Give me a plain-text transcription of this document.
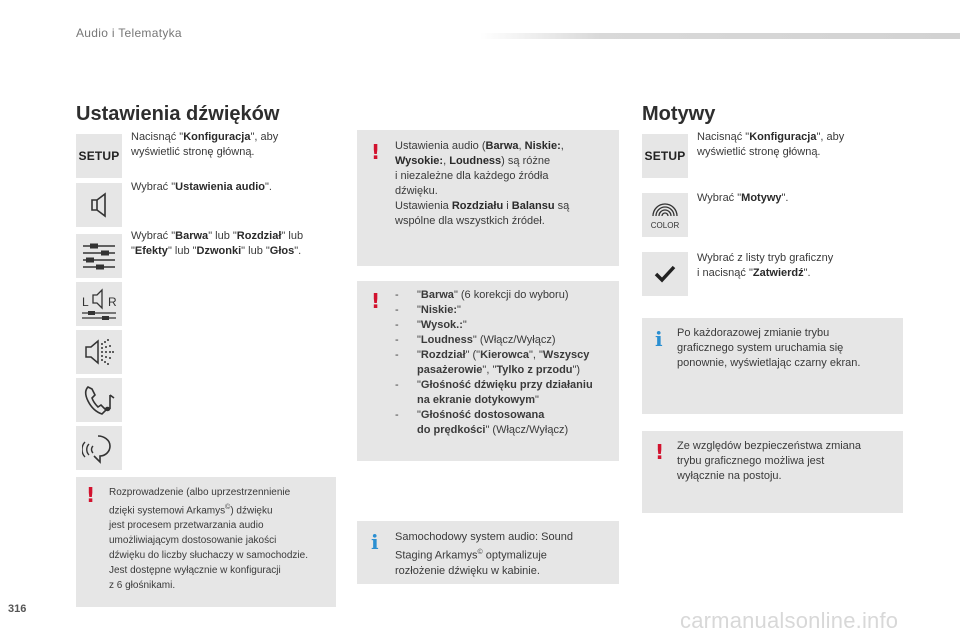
Audio i Telematyka
Ustawienia dźwięków
SETUP
Nacisnąć "Konfiguracja", aby
wyświetlić stronę główną.
Wybrać "Ustawienia audio".
Wybrać "Barwa" lub "Rozdział" lub
"Efekty" lub "Dzwonki" lub "Głos".
L R
! Rozprowadzenie (albo uprzestrzennienie
dzięki systemowi Arkamys©) dźwięku
jest procesem przetwarzania audio
umożliwiającym dostosowanie jakości
dźwięku do liczby słuchaczy w samochodzie.
Jest dostępne wyłącznie w konfiguracji
z 6 głośnikami.
! Ustawienia audio (Barwa, Niskie:,
Wysokie:, Loudness) są różne
i niezależne dla każdego źródła
dźwięku.
Ustawienia Rozdziału i Balansu są
wspólne dla wszystkich źródeł.
! -	"Barwa" (6 korekcji do wyboru)
-	"Niskie:"
-	"Wysok.:"
-	"Loudness" (Włącz/Wyłącz)
-	"Rozdział" ("Kierowca", "Wszyscy
pasażerowie", "Tylko z przodu")
-	"Głośność dźwięku przy działaniu
na ekranie dotykowym"
-	"Głośność dostosowana
do prędkości" (Włącz/Wyłącz)
i Samochodowy system audio: Sound
Staging Arkamys© optymalizuje
rozłożenie dźwięku w kabinie.
Motywy
SETUP
Nacisnąć "Konfiguracja", aby
wyświetlić stronę główną.
COLOR
Wybrać "Motywy".
Wybrać z listy tryb graficzny
i nacisnąć "Zatwierdź".
i Po każdorazowej zmianie trybu
graficznego system uruchamia się
ponownie, wyświetlając czarny ekran.
! Ze względów bezpieczeństwa zmiana
trybu graficznego możliwa jest
wyłącznie na postoju.
316	carmanualsonline.info
